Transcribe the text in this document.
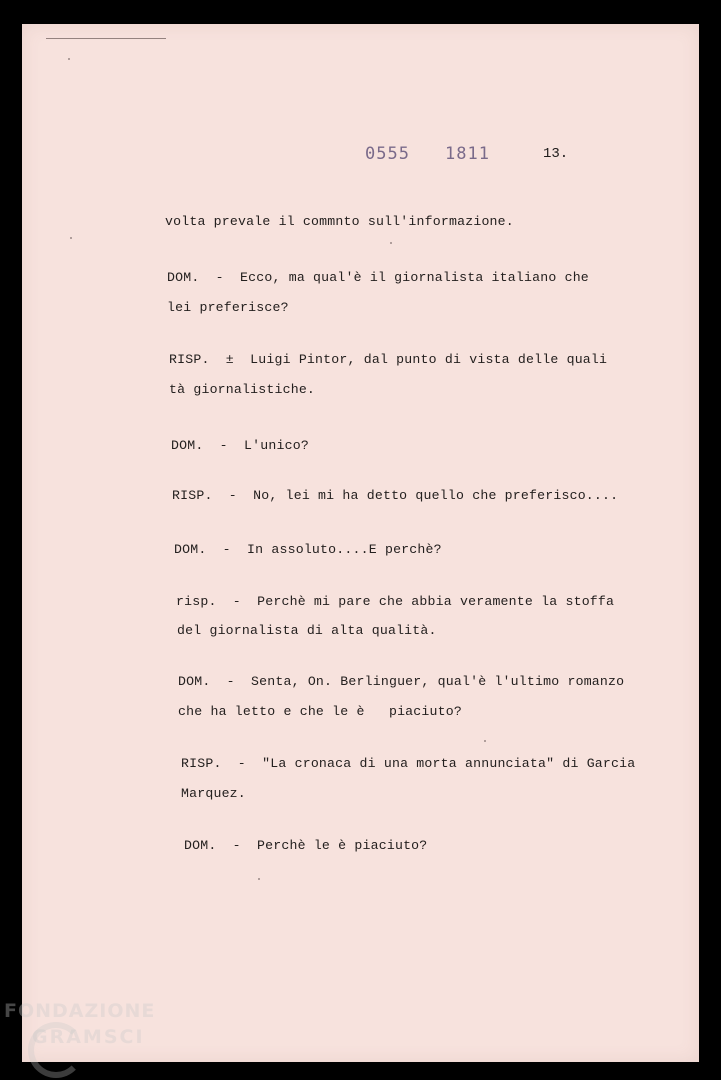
0555 1811	13.
volta prevale il commnto sull'informazione.
DOM.  -  Ecco, ma qual'è il giornalista italiano che
lei preferisce?
RISP.  ±  Luigi Pintor, dal punto di vista delle quali
tà giornalistiche.
DOM.  -  L'unico?
RISP.  -  No, lei mi ha detto quello che preferisco....
DOM.  -  In assoluto....E perchè?
risp.  -  Perchè mi pare che abbia veramente la stoffa
del giornalista di alta qualità.
DOM.  -  Senta, On. Berlinguer, qual'è l'ultimo romanzo
che ha letto e che le è   piaciuto?
RISP.  -  "La cronaca di una morta annunciata" di Garcia
Marquez.
DOM.  -  Perchè le è piaciuto?
FONDAZIONE
GRAMSCI
